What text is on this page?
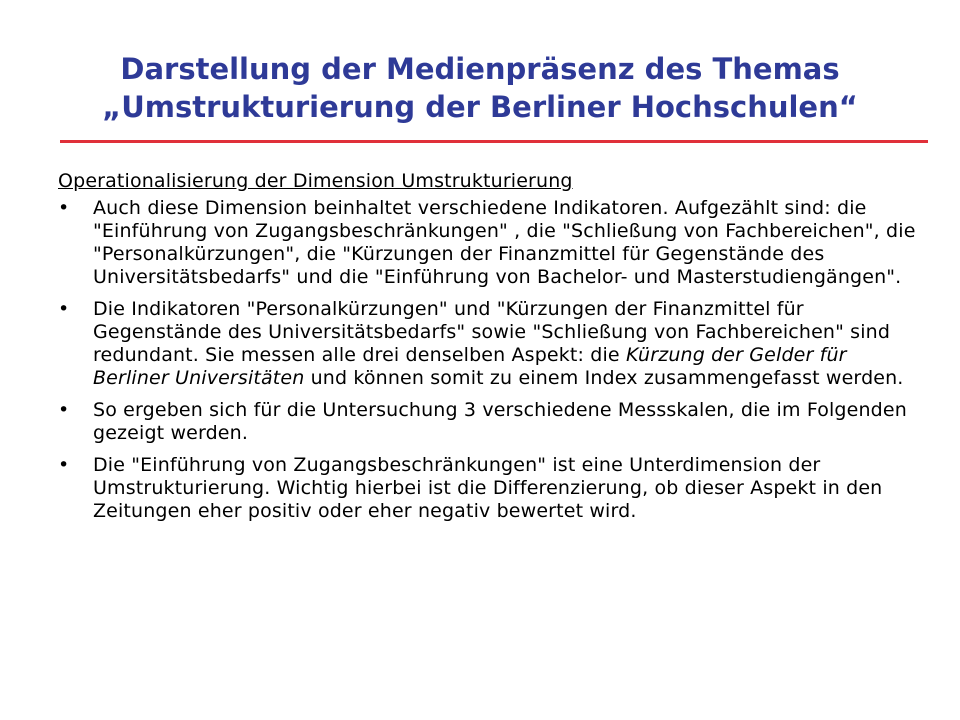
Darstellung der Medienpräsenz des Themas
„Umstrukturierung der Berliner Hochschulen“
Operationalisierung der Dimension Umstrukturierung
•	Auch diese Dimension beinhaltet verschiedene Indikatoren. Aufgezählt sind: die "Einführung von Zugangsbeschränkungen" , die "Schließung von Fachbereichen", die "Personalkürzungen", die "Kürzungen der Finanzmittel für Gegenstände des Universitätsbedarfs" und die "Einführung von Bachelor- und Masterstudiengängen".
•	Die Indikatoren "Personalkürzungen" und "Kürzungen der Finanzmittel für Gegenstände des Universitätsbedarfs" sowie "Schließung von Fachbereichen" sind redundant. Sie messen alle drei denselben Aspekt: die Kürzung der Gelder für Berliner Universitäten und können somit zu einem Index zusammengefasst werden.
•	So ergeben sich für die Untersuchung 3 verschiedene Messskalen, die im Folgenden gezeigt werden.
•	Die "Einführung von Zugangsbeschränkungen" ist eine Unterdimension der Umstrukturierung. Wichtig hierbei ist die Differenzierung, ob dieser Aspekt in den Zeitungen eher positiv oder eher negativ bewertet wird.
